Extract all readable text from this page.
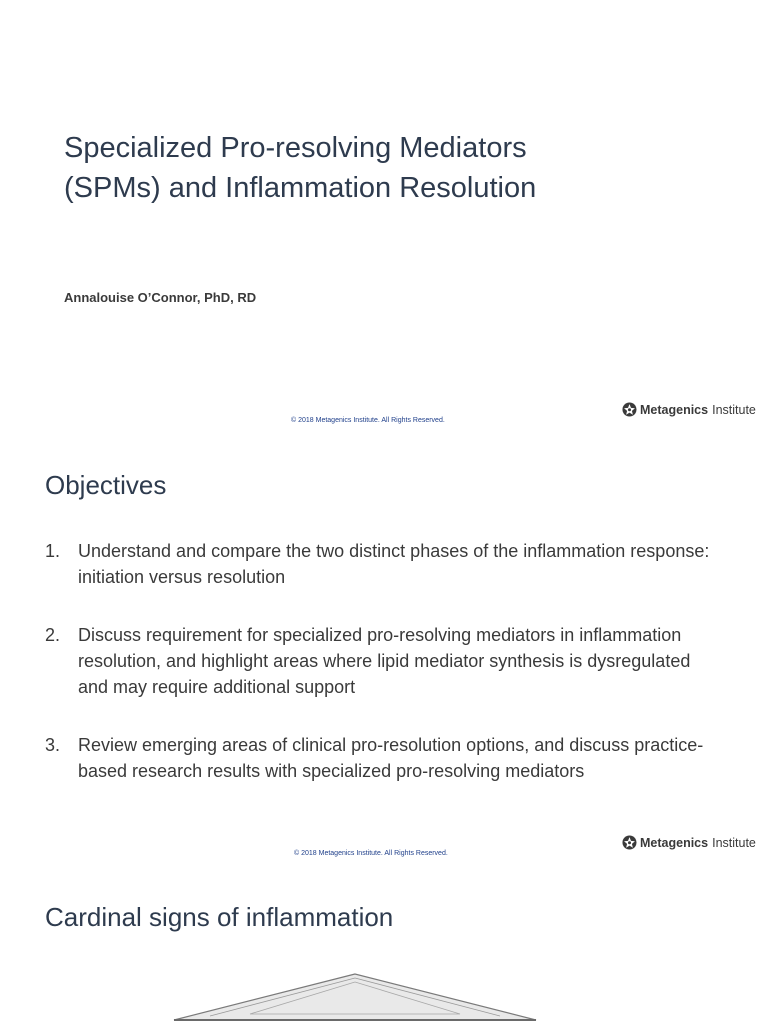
Specialized Pro-resolving Mediators
(SPMs) and Inflammation Resolution
Annalouise O’Connor, PhD, RD
© 2018 Metagenics Institute. All Rights Reserved.
Metagenics Institute
Objectives
1. Understand and compare the two distinct phases of the inflammation response: initiation versus resolution
2. Discuss requirement for specialized pro-resolving mediators in inflammation resolution, and highlight areas where lipid mediator synthesis is dysregulated and may require additional support
3. Review emerging areas of clinical pro-resolution options, and discuss practice-based research results with specialized pro-resolving mediators
© 2018 Metagenics Institute. All Rights Reserved.
Metagenics Institute
Cardinal signs of inflammation
